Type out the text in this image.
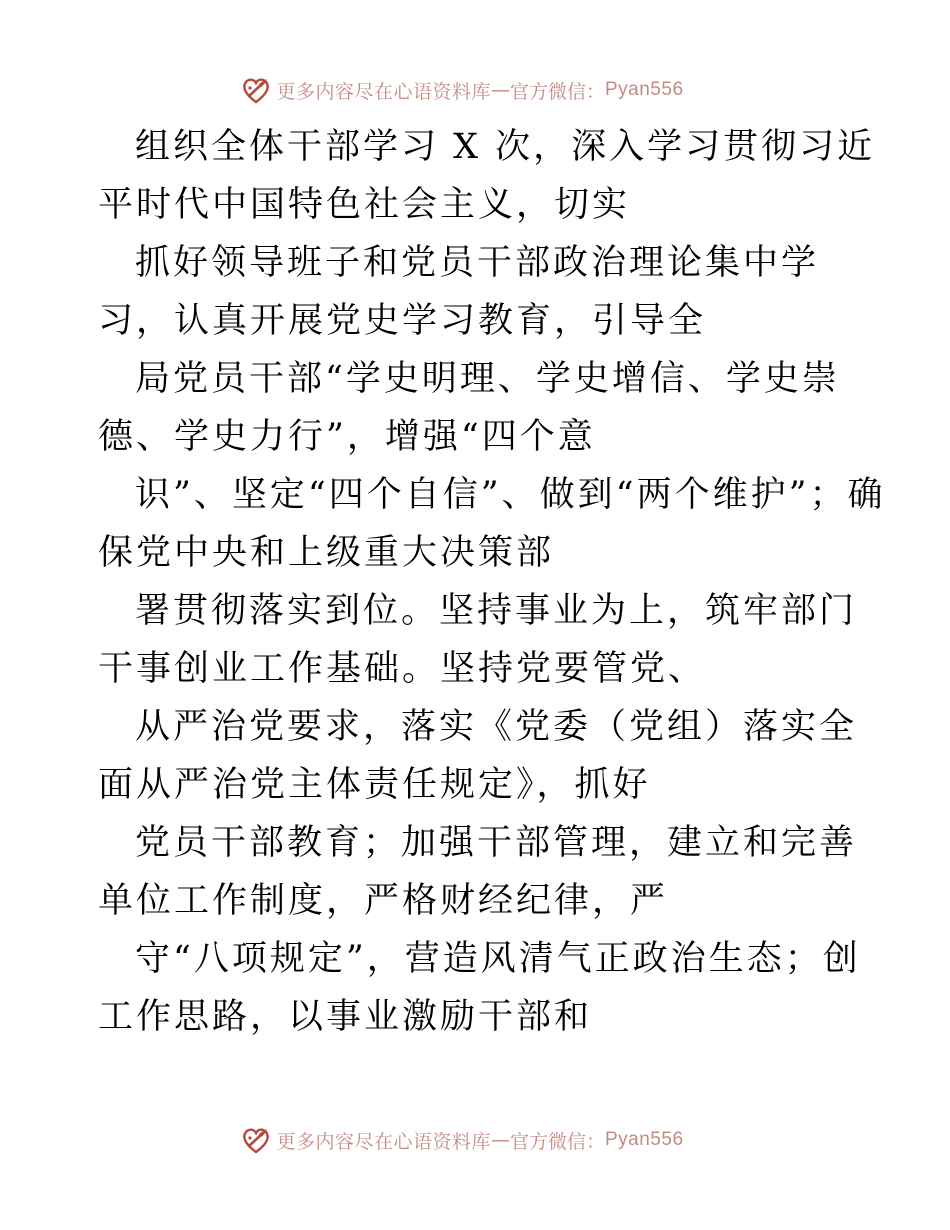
更多内容尽在心语资料库 — 官方微信： Pyan556

组织全体干部学习 X 次，深入学习贯彻习近平时代中国特色社会主义，切实

抓好领导班子和党员干部政治理论集中学习，认真开展党史学习教育，引导全

局党员干部“学史明理、学史增信、学史崇德、学史力行”，增强“四个意

识”、坚定“四个自信”、做到“两个维护”；确保党中央和上级重大决策部

署贯彻落实到位。坚持事业为上，筑牢部门干事创业工作基础。坚持党要管党、

从严治党要求，落实《党委（党组）落实全面从严治党主体责任规定》，抓好

党员干部教育；加强干部管理，建立和完善单位工作制度，严格财经纪律，严

守“八项规定”，营造风清气正政治生态；创工作思路，以事业激励干部和

更多内容尽在心语资料库 — 官方微信： Pyan556
